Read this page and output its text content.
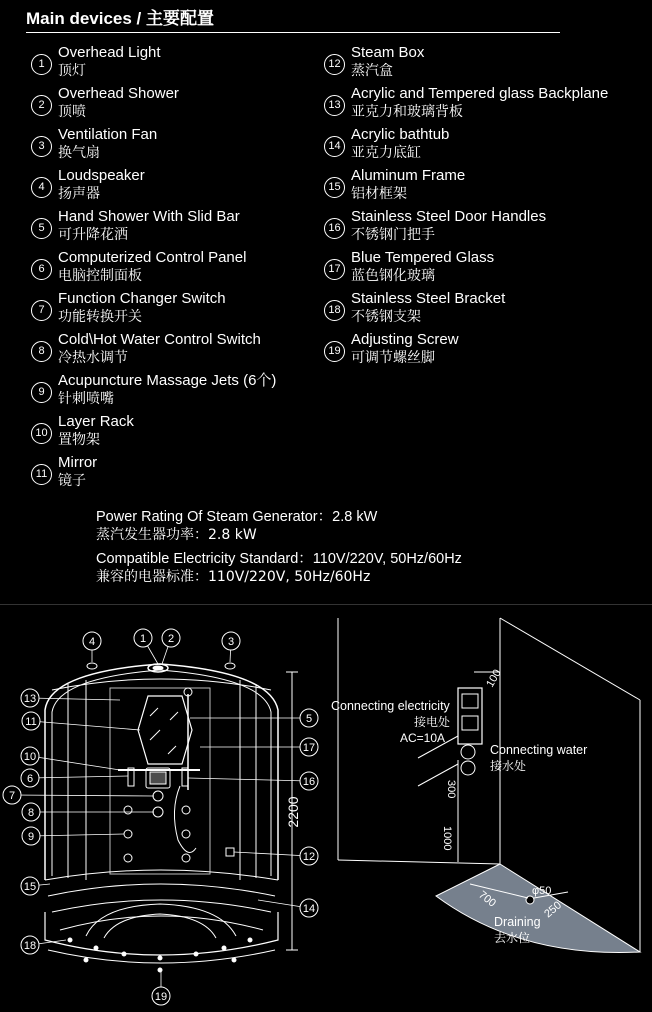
Main devices / 主要配置
1
Overhead Light
顶灯
2
Overhead Shower
顶喷
3
Ventilation Fan
换气扇
4
Loudspeaker
扬声器
5
Hand Shower With Slid Bar
可升降花洒
6
Computerized Control Panel
电脑控制面板
7
Function Changer Switch
功能转换开关
8
Cold\Hot Water Control Switch
冷热水调节
9
Acupuncture Massage Jets (6个)
针刺喷嘴
10
Layer Rack
置物架
11
Mirror
镜子
12
Steam Box
蒸汽盒
13
Acrylic and Tempered glass Backplane
亚克力和玻璃背板
14
Acrylic bathtub
亚克力底缸
15
Aluminum Frame
铝材框架
16
Stainless Steel Door Handles
不锈钢门把手
17
Blue Tempered Glass
蓝色钢化玻璃
18
Stainless Steel Bracket
不锈钢支架
19
Adjusting Screw
可调节螺丝脚
Power Rating Of Steam Generator：2.8 kW
蒸汽发生器功率：2.8 kW
Compatible Electricity Standard：110V/220V, 50Hz/60Hz
兼容的电器标准：110V/220V, 50Hz/60Hz
2200
1 2	3
4
5
6
7
8
9
10
11
12
13
14
15
16
17
18
19
Connecting electricity
接电处
AC=10A
Connecting water
接水处
100
300
1000
700
250
φ50
Draining
去水位
